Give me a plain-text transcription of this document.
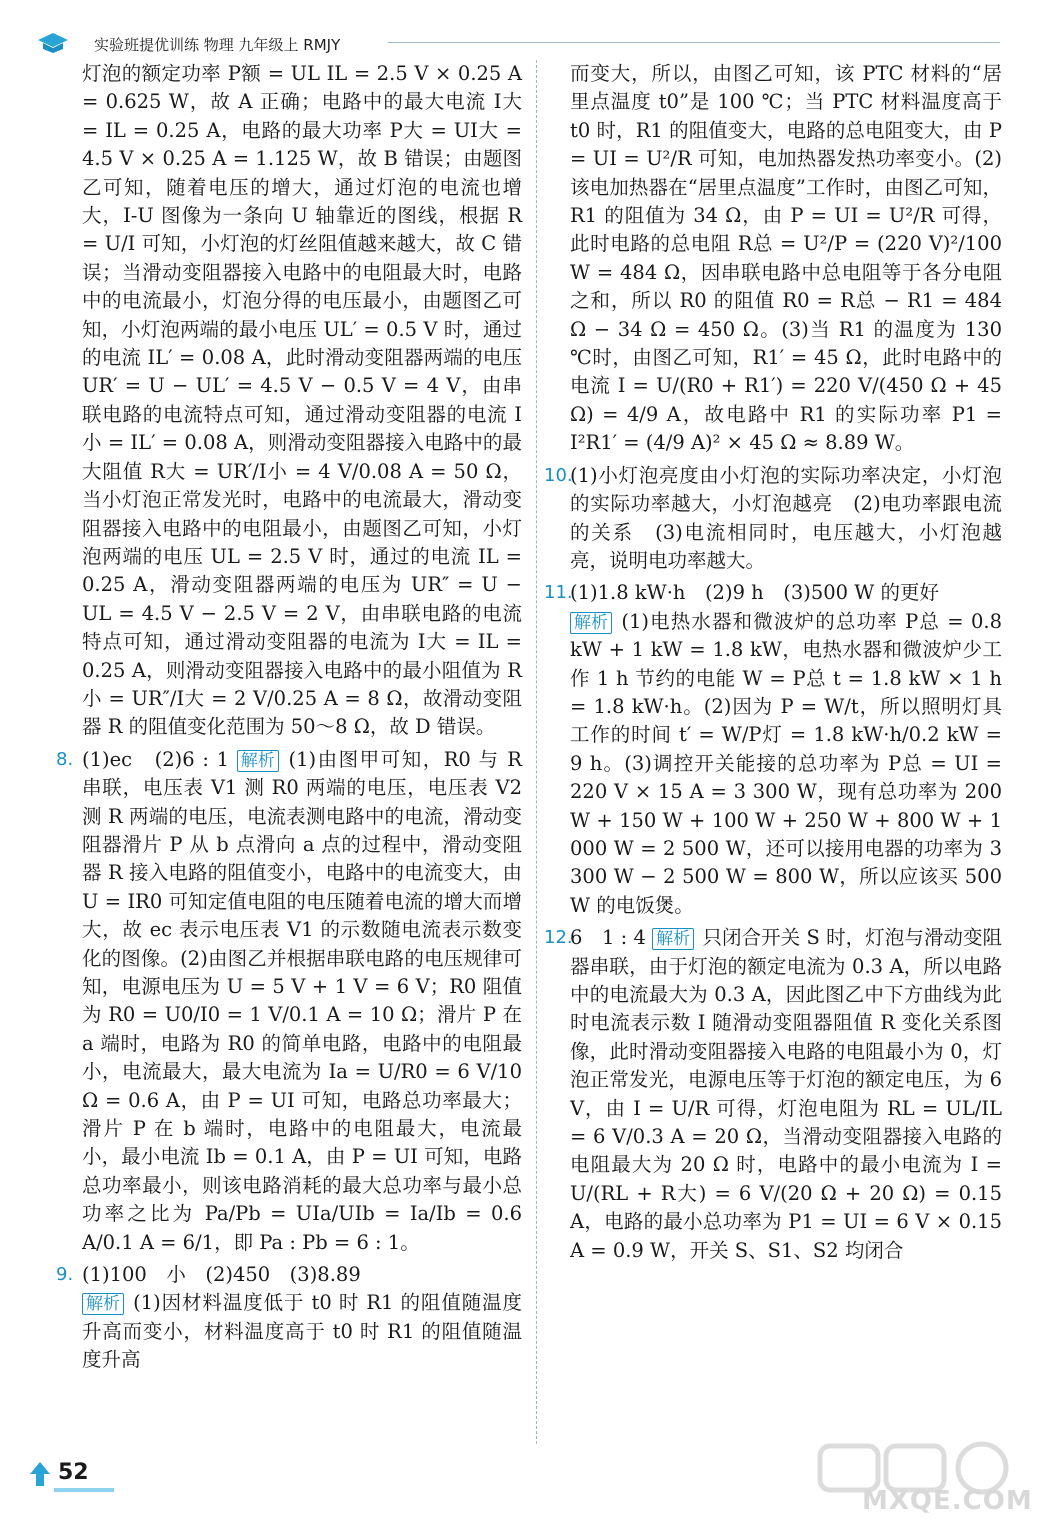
实验班提优训练 物理 九年级上 RMJY

灯泡的额定功率 P额 = UL IL = 2.5 V × 0.25 A = 0.625 W，故 A 正确；电路中的最大电流 I大 = IL = 0.25 A，电路的最大功率 P大 = UI大 = 4.5 V × 0.25 A = 1.125 W，故 B 错误；由题图乙可知，随着电压的增大，通过灯泡的电流也增大，I-U 图像为一条向 U 轴靠近的图线，根据 R = U/I 可知，小灯泡的灯丝阻值越来越大，故 C 错误；当滑动变阻器接入电路中的电阻最大时，电路中的电流最小，灯泡分得的电压最小，由题图乙可知，小灯泡两端的最小电压 UL′ = 0.5 V 时，通过的电流 IL′ = 0.08 A，此时滑动变阻器两端的电压 UR′ = U − UL′ = 4.5 V − 0.5 V = 4 V，由串联电路的电流特点可知，通过滑动变阻器的电流 I小 = IL′ = 0.08 A，则滑动变阻器接入电路中的最大阻值 R大 = UR′/I小 = 4 V/0.08 A = 50 Ω，当小灯泡正常发光时，电路中的电流最大，滑动变阻器接入电路中的电阻最小，由题图乙可知，小灯泡两端的电压 UL = 2.5 V 时，通过的电流 IL = 0.25 A，滑动变阻器两端的电压为 UR″ = U − UL = 4.5 V − 2.5 V = 2 V，由串联电路的电流特点可知，通过滑动变阻器的电流为 I大 = IL = 0.25 A，则滑动变阻器接入电路中的最小阻值为 R小 = UR″/I大 = 2 V/0.25 A = 8 Ω，故滑动变阻器 R 的阻值变化范围为 50～8 Ω，故 D 错误。

8. (1)ec　(2)6 : 1 解析 (1)由图甲可知，R0 与 R 串联，电压表 V1 测 R0 两端的电压，电压表 V2 测 R 两端的电压，电流表测电路中的电流，滑动变阻器滑片 P 从 b 点滑向 a 点的过程中，滑动变阻器 R 接入电路的阻值变小，电路中的电流变大，由 U = IR0 可知定值电阻的电压随着电流的增大而增大，故 ec 表示电压表 V1 的示数随电流表示数变化的图像。(2)由图乙并根据串联电路的电压规律可知，电源电压为 U = 5 V + 1 V = 6 V；R0 阻值为 R0 = U0/I0 = 1 V/0.1 A = 10 Ω；滑片 P 在 a 端时，电路为 R0 的简单电路，电路中的电阻最小，电流最大，最大电流为 Ia = U/R0 = 6 V/10 Ω = 0.6 A，由 P = UI 可知，电路总功率最大；滑片 P 在 b 端时，电路中的电阻最大，电流最小，最小电流 Ib = 0.1 A，由 P = UI 可知，电路总功率最小，则该电路消耗的最大总功率与最小总功率之比为 Pa/Pb = UIa/UIb = Ia/Ib = 0.6 A/0.1 A = 6/1，即 Pa : Pb = 6 : 1。

9. (1)100　小　(2)450　(3)8.89

解析 (1)因材料温度低于 t0 时 R1 的阻值随温度升高而变小，材料温度高于 t0 时 R1 的阻值随温度升高

而变大，所以，由图乙可知，该 PTC 材料的“居里点温度 t0”是 100 ℃；当 PTC 材料温度高于 t0 时，R1 的阻值变大，电路的总电阻变大，由 P = UI = U²/R 可知，电加热器发热功率变小。(2)该电加热器在“居里点温度”工作时，由图乙可知，R1 的阻值为 34 Ω，由 P = UI = U²/R 可得，此时电路的总电阻 R总 = U²/P = (220 V)²/100 W = 484 Ω，因串联电路中总电阻等于各分电阻之和，所以 R0 的阻值 R0 = R总 − R1 = 484 Ω − 34 Ω = 450 Ω。(3)当 R1 的温度为 130 ℃时，由图乙可知，R1′ = 45 Ω，此时电路中的电流 I = U/(R0 + R1′) = 220 V/(450 Ω + 45 Ω) = 4/9 A，故电路中 R1 的实际功率 P1 = I²R1′ = (4/9 A)² × 45 Ω ≈ 8.89 W。

10.

(1)小灯泡亮度由小灯泡的实际功率决定，小灯泡的实际功率越大，小灯泡越亮　(2)电功率跟电流的关系　(3)电流相同时，电压越大，小灯泡越亮，说明电功率越大。

11.

(1)1.8 kW·h　(2)9 h　(3)500 W 的更好

解析 (1)电热水器和微波炉的总功率 P总 = 0.8 kW + 1 kW = 1.8 kW，电热水器和微波炉少工作 1 h 节约的电能 W = P总 t = 1.8 kW × 1 h = 1.8 kW·h。(2)因为 P = W/t，所以照明灯具工作的时间 t′ = W/P灯 = 1.8 kW·h/0.2 kW = 9 h。(3)调控开关能接的总功率为 P总 = UI = 220 V × 15 A = 3 300 W，现有总功率为 200 W + 150 W + 100 W + 250 W + 800 W + 1 000 W = 2 500 W，还可以接用电器的功率为 3 300 W − 2 500 W = 800 W，所以应该买 500 W 的电饭煲。

12.

6　1 : 4 解析 只闭合开关 S 时，灯泡与滑动变阻器串联，由于灯泡的额定电流为 0.3 A，所以电路中的电流最大为 0.3 A，因此图乙中下方曲线为此时电流表示数 I 随滑动变阻器阻值 R 变化关系图像，此时滑动变阻器接入电路的电阻最小为 0，灯泡正常发光，电源电压等于灯泡的额定电压，为 6 V，由 I = U/R 可得，灯泡电阻为 RL = UL/IL = 6 V/0.3 A = 20 Ω，当滑动变阻器接入电路的电阻最大为 20 Ω 时，电路中的最小电流为 I = U/(RL + R大) = 6 V/(20 Ω + 20 Ω) = 0.15 A，电路的最小总功率为 P1 = UI = 6 V × 0.15 A = 0.9 W，开关 S、S1、S2 均闭合

52
MXQE.COM
